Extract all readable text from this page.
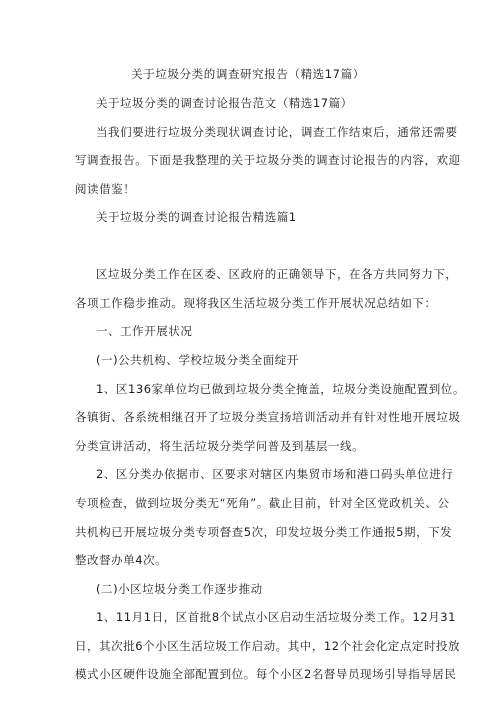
关于垃圾分类的调查研究报告（精选17篇）
关于垃圾分类的调查讨论报告范文（精选17篇）
当我们要进行垃圾分类现状调查讨论，调查工作结束后，通常还需要
写调查报告。下面是我整理的关于垃圾分类的调查讨论报告的内容，欢迎
阅读借鉴！
关于垃圾分类的调查讨论报告精选篇1
区垃圾分类工作在区委、区政府的正确领导下，在各方共同努力下，
各项工作稳步推动。现将我区生活垃圾分类工作开展状况总结如下：
一、工作开展状况
(一)公共机构、学校垃圾分类全面绽开
1、区136家单位均已做到垃圾分类全掩盖，垃圾分类设施配置到位。
各镇街、各系统相继召开了垃圾分类宣扬培训活动并有针对性地开展垃圾
分类宣讲活动，将生活垃圾分类学问普及到基层一线。
2、区分类办依据市、区要求对辖区内集贸市场和港口码头单位进行
专项检查，做到垃圾分类无“死角”。截止目前，针对全区党政机关、公
共机构已开展垃圾分类专项督查5次，印发垃圾分类工作通报5期，下发
整改督办单4次。
(二)小区垃圾分类工作逐步推动
1、11月1日，区首批8个试点小区启动生活垃圾分类工作。12月31
日，其次批6个小区生活垃圾工作启动。其中，12个社会化定点定时投放
模式小区硬件设施全部配置到位。每个小区2名督导员现场引导指导居民
